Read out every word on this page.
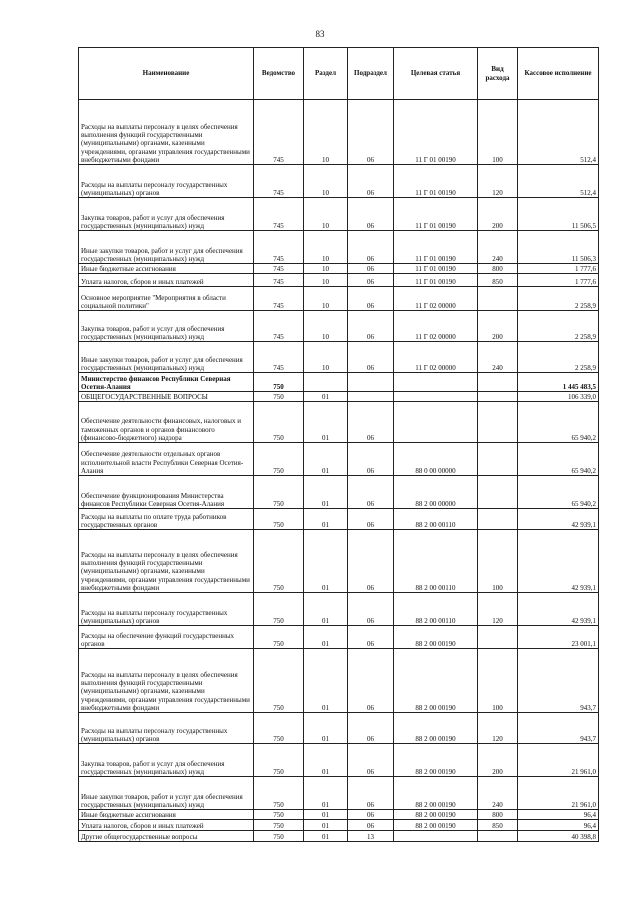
83
Наименование	Ведомство	Раздел	Подраздел	Целевая статья	Вид расхода	Кассовое исполнение
Расходы на выплаты персоналу в целях обеспечения выполнения функций государственными (муниципальными) органами, казенными учреждениями, органами управления государственными внебюджетными фондами	745	10	06	11 Г 01 00190	100	512,4
Расходы на выплаты персоналу государственных (муниципальных) органов	745	10	06	11 Г 01 00190	120	512,4
Закупка товаров, работ и услуг для обеспечения государственных (муниципальных) нужд	745	10	06	11 Г 01 00190	200	11 506,5
Иные закупки товаров, работ и услуг для обеспечения государственных (муниципальных) нужд	745	10	06	11 Г 01 00190	240	11 506,3
Иные бюджетные ассигнования	745	10	06	11 Г 01 00190	800	1 777,6
Уплата налогов, сборов и иных платежей	745	10	06	11 Г 01 00190	850	1 777,6
Основное мероприятие "Мероприятия в области социальной политики"	745	10	06	11 Г 02 00000		2 258,9
Закупка товаров, работ и услуг для обеспечения государственных (муниципальных) нужд	745	10	06	11 Г 02 00000	200	2 258,9
Иные закупки товаров, работ и услуг для обеспечения государственных (муниципальных) нужд	745	10	06	11 Г 02 00000	240	2 258,9
Министерство финансов Республики Северная Осетия-Алания	750					1 445 483,5
ОБЩЕГОСУДАРСТВЕННЫЕ ВОПРОСЫ	750	01				106 339,0
Обеспечение деятельности финансовых, налоговых и таможенных органов и органов финансового (финансово-бюджетного) надзора	750	01	06			65 940,2
Обеспечение деятельности отдельных органов исполнительной власти Республики Северная Осетия-Алания	750	01	06	88 0 00 00000		65 940,2
Обеспечение функционирования Министерства финансов Республики Северная Осетия-Алания	750	01	06	88 2 00 00000		65 940,2
Расходы на выплаты по оплате труда работников государственных органов	750	01	06	88 2 00 00110		42 939,1
Расходы на выплаты персоналу в целях обеспечения выполнения функций государственными (муниципальными) органами, казенными учреждениями, органами управления государственными внебюджетными фондами	750	01	06	88 2 00 00110	100	42 939,1
Расходы на выплаты персоналу государственных (муниципальных) органов	750	01	06	88 2 00 00110	120	42 939,1
Расходы на обеспечение функций государственных органов	750	01	06	88 2 00 00190		23 001,1
Расходы на выплаты персоналу в целях обеспечения выполнения функций государственными (муниципальными) органами, казенными учреждениями, органами управления государственными внебюджетными фондами	750	01	06	88 2 00 00190	100	943,7
Расходы на выплаты персоналу государственных (муниципальных) органов	750	01	06	88 2 00 00190	120	943,7
Закупка товаров, работ и услуг для обеспечения государственных (муниципальных) нужд	750	01	06	88 2 00 00190	200	21 961,0
Иные закупки товаров, работ и услуг для обеспечения государственных (муниципальных) нужд	750	01	06	88 2 00 00190	240	21 961,0
Иные бюджетные ассигнования	750	01	06	88 2 00 00190	800	96,4
Уплата налогов, сборов и иных платежей	750	01	06	88 2 00 00190	850	96,4
Другие общегосударственные вопросы	750	01	13			40 398,8
